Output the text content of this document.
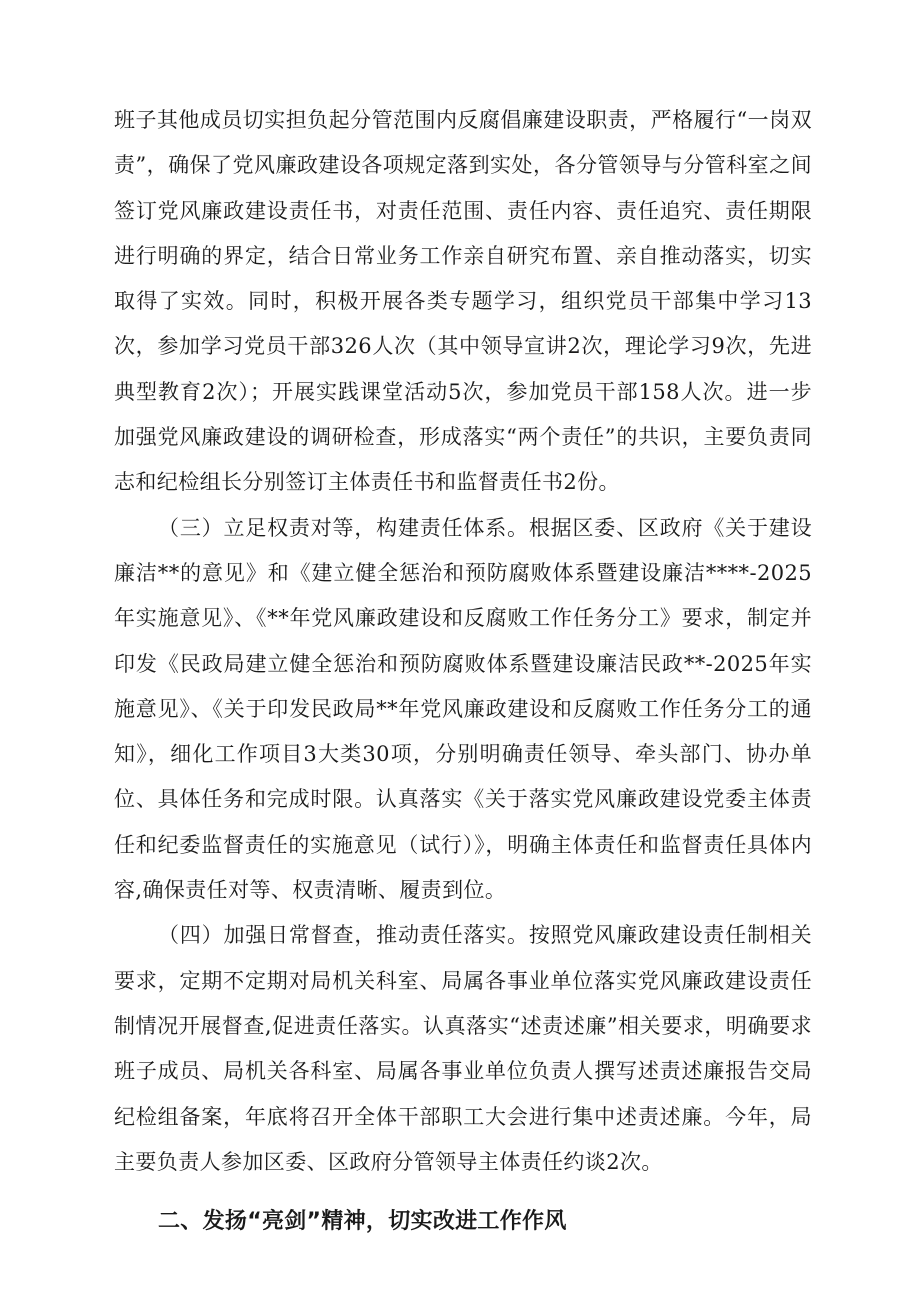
班子其他成员切实担负起分管范围内反腐倡廉建设职责，严格履行“一岗双责”，确保了党风廉政建设各项规定落到实处，各分管领导与分管科室之间签订党风廉政建设责任书，对责任范围、责任内容、责任追究、责任期限进行明确的界定，结合日常业务工作亲自研究布置、亲自推动落实，切实取得了实效。同时，积极开展各类专题学习，组织党员干部集中学习13次，参加学习党员干部326人次（其中领导宣讲2次，理论学习9次，先进典型教育2次）；开展实践课堂活动5次，参加党员干部158人次。进一步加强党风廉政建设的调研检查，形成落实“两个责任”的共识，主要负责同志和纪检组长分别签订主体责任书和监督责任书2份。

（三）立足权责对等，构建责任体系。根据区委、区政府《关于建设廉洁**的意见》和《建立健全惩治和预防腐败体系暨建设廉洁****-2025年实施意见》、《**年党风廉政建设和反腐败工作任务分工》要求，制定并印发《民政局建立健全惩治和预防腐败体系暨建设廉洁民政**-2025年实施意见》、《关于印发民政局**年党风廉政建设和反腐败工作任务分工的通知》，细化工作项目3大类30项，分别明确责任领导、牵头部门、协办单位、具体任务和完成时限。认真落实《关于落实党风廉政建设党委主体责任和纪委监督责任的实施意见（试行）》，明确主体责任和监督责任具体内容,确保责任对等、权责清晰、履责到位。

（四）加强日常督查，推动责任落实。按照党风廉政建设责任制相关要求，定期不定期对局机关科室、局属各事业单位落实党风廉政建设责任制情况开展督查,促进责任落实。认真落实“述责述廉”相关要求，明确要求班子成员、局机关各科室、局属各事业单位负责人撰写述责述廉报告交局纪检组备案，年底将召开全体干部职工大会进行集中述责述廉。今年，局主要负责人参加区委、区政府分管领导主体责任约谈2次。

二、发扬“亮剑”精神，切实改进工作作风
